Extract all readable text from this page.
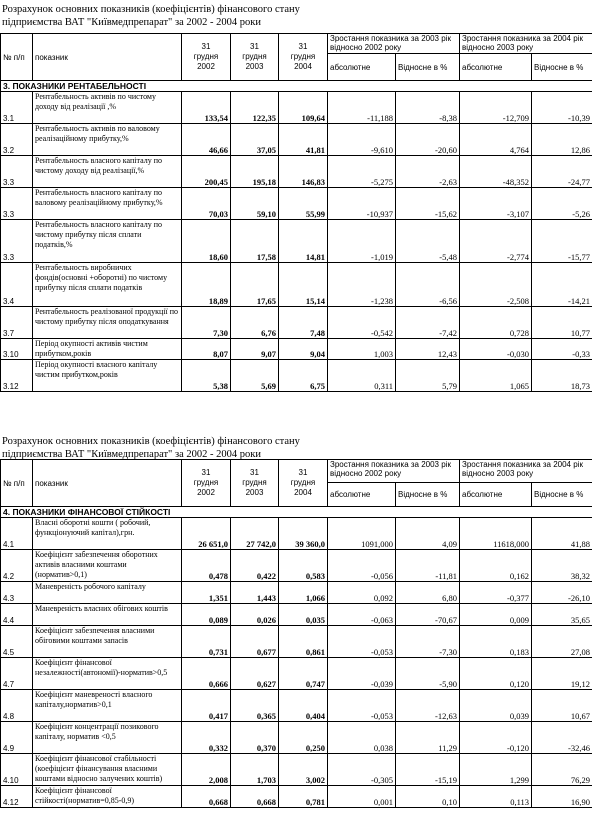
Розрахунок основних показників (коефіцієнтів) фінансового стану
підприємства ВАТ "Київмедпрепарат" за 2002 - 2004 роки
№ п/п	показник	31
грудня
2002	31
грудня
2003	31
грудня
2004	Зростання показника за 2003 рік відносно 2002 року		Зростання показника за 2004 рік відносно 2003 року	
					абсолютне	Відносне в %	абсолютне	Відносне в %
3. ПОКАЗНИКИ РЕНТАБЕЛЬНОСТІ								
3.1	Рентабельность активів по чистому доходу від реалізації ,%	133,54	122,35	109,64	-11,188	-8,38	-12,709	-10,39
3.2	Рентабельность активів по валовому реалізаційному прибутку,%	46,66	37,05	41,81	-9,610	-20,60	4,764	12,86
3.3	Рентабельность власного капіталу по чистому доходу від реалізації,%	200,45	195,18	146,83	-5,275	-2,63	-48,352	-24,77
3.3	Рентабельность власного капіталу по валовому реалізаційному прибутку,%	70,03	59,10	55,99	-10,937	-15,62	-3,107	-5,26
3.3	Рентабельность власного капіталу по чистому прибутку після сплати податків,%	18,60	17,58	14,81	-1,019	-5,48	-2,774	-15,77
3.4	Рентабельность виробничих фондів(основні +оборотні) по чистому прибутку після сплати податків	18,89	17,65	15,14	-1,238	-6,56	-2,508	-14,21
3.7	Рентабельность реалізованої продукції по чистому прибутку після оподаткування	7,30	6,76	7,48	-0,542	-7,42	0,728	10,77
3.10	Період окупності активів чистим прибутком,років	8,07	9,07	9,04	1,003	12,43	-0,030	-0,33
3.12	Період окупності власного капіталу чистим прибутком,років	5,38	5,69	6,75	0,311	5,79	1,065	18,73
Розрахунок основних показників (коефіцієнтів) фінансового стану
підприємства ВАТ "Київмедпрепарат" за 2002 - 2004 роки
№ п/п	показник	31
грудня
2002	31
грудня
2003	31
грудня
2004	Зростання показника за 2003 рік відносно 2002 року		Зростання показника за 2004 рік відносно 2003 року	
					абсолютне	Відносне в %	абсолютне	Відносне в %
4. ПОКАЗНИКИ ФІНАНСОВОЇ СТІЙКОСТІ								
4.1	Власні оборотні кошти ( робочий, функціонуючий капітал),грн.	26 651,0	27 742,0	39 360,0	1091,000	4,09	11618,000	41,88
4.2	Коефіцієнт забезпечення оборотних активів власними коштами (норматив>0,1)	0,478	0,422	0,583	-0,056	-11,81	0,162	38,32
4.3	Маневреність робочого капіталу	1,351	1,443	1,066	0,092	6,80	-0,377	-26,10
4.4	Маневреність власних обігових коштів	0,089	0,026	0,035	-0,063	-70,67	0,009	35,65
4.5	Коефіцієнт забезпечення власними обіговими коштами запасів	0,731	0,677	0,861	-0,053	-7,30	0,183	27,08
4.7	Коефіцієнт фінансової незалежності(автономії)-норматив>0,5	0,666	0,627	0,747	-0,039	-5,90	0,120	19,12
4.8	Коефіцієнт маневреності власного капіталу,норматив>0,1	0,417	0,365	0,404	-0,053	-12,63	0,039	10,67
4.9	Коефіцієнт концентрації позикового капіталу, норматив <0,5	0,332	0,370	0,250	0,038	11,29	-0,120	-32,46
4.10	Коефіцієнт фінансової стабільності (коефіцієнт фінансування власними коштами відносно залучених коштів)	2,008	1,703	3,002	-0,305	-15,19	1,299	76,29
4.12	Коефіцієнт фінансової стійкості(норматив=0,85-0,9)	0,668	0,668	0,781	0,001	0,10	0,113	16,90
